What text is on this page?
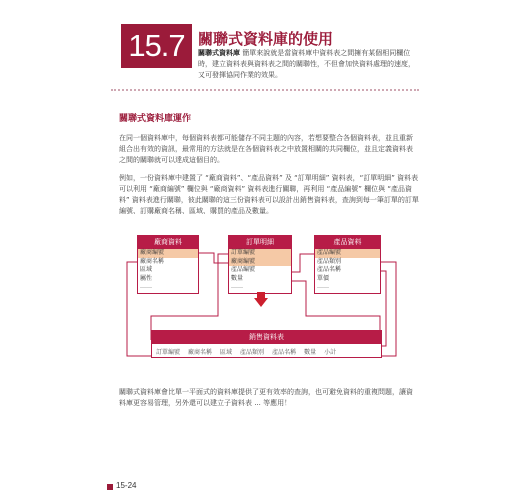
15.7 關聯式資料庫的使用
關聯式資料庫 簡單來說就是當資料庫中資料表之間擁有某個相同欄位時，建立資料表與資料表之間的關聯性，不但會加快資料處理的速度，又可發揮協同作業的效果。
關聯式資料庫運作
在同一個資料庫中，每個資料表都可能儲存不同主題的內容，若想要整合各個資料表，並且重新組合出有效的資訊，最常用的方法就是在各個資料表之中放置相關的共同欄位，並且定義資料表之間的關聯就可以達成這個目的。
例如，一份資料庫中建置了 “廠商資料”、“產品資料” 及 “訂單明細” 資料表，“訂單明細” 資料表可以利用 “廠商編號” 欄位與 “廠商資料” 資料表進行關聯，再利用 “產品編號” 欄位與 “產品資料” 資料表進行關聯，彼此關聯的這三份資料表可以設計出銷售資料表，查詢到每一筆訂單的訂單編號、訂購廠商名稱、區域、購買的產品及數量。
廠商資料
廠商編號
廠商名稱
區域
屬性
……
訂單明細
訂單編號
廠商編號
產品編號
數量
……
產品資料
產品編號
產品類別
產品名稱
單價
……
銷售資料表
訂單編號 廠商名稱 區域 產品類別 產品名稱 數量 小計
關聯式資料庫會比單一平面式的資料庫提供了更有效率的查詢，也可避免資料的重複問題，讓資料庫更容易管理，另外還可以建立子資料表 ... 等應用！
15-24
